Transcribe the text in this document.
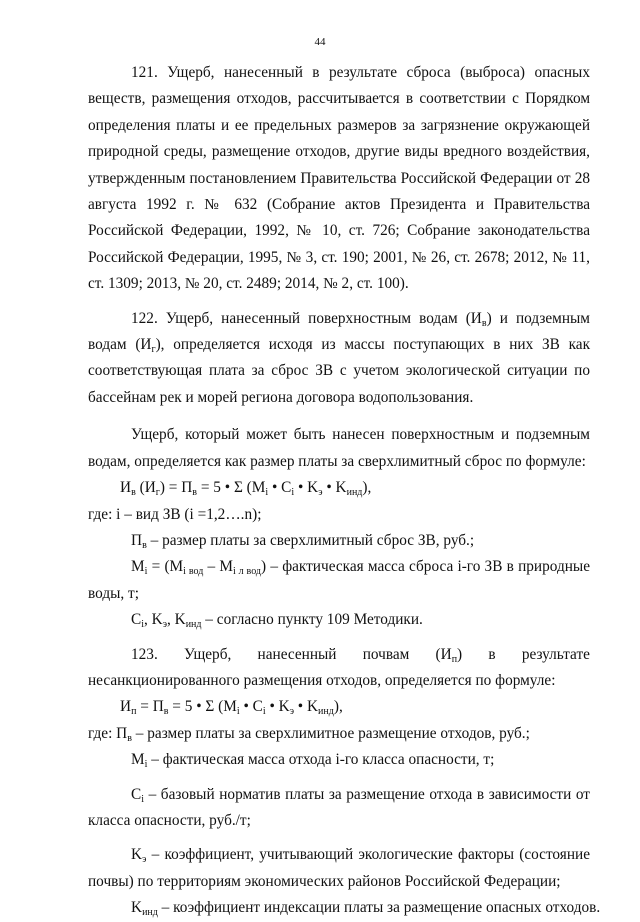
44

121. Ущерб, нанесенный в результате сброса (выброса) опасных веществ, размещения отходов, рассчитывается в соответствии с Порядком определения платы и ее предельных размеров за загрязнение окружающей природной среды, размещение отходов, другие виды вредного воздействия, утвержденным постановлением Правительства Российской Федерации от 28 августа 1992 г. № 632 (Собрание актов Президента и Правительства Российской Федерации, 1992, № 10, ст. 726; Собрание законодательства Российской Федерации, 1995, № 3, ст. 190; 2001, № 26, ст. 2678; 2012, № 11, ст. 1309; 2013, № 20, ст. 2489; 2014, № 2, ст. 100).

122. Ущерб, нанесенный поверхностным водам $(И_в)$ и подземным водам $(И_г)$, определяется исходя из массы поступающих в них ЗВ как соответствующая плата за сброс ЗВ с учетом экологической ситуации по бассейнам рек и морей региона договора водопользования.

Ущерб, который может быть нанесен поверхностным и подземным водам, определяется как размер платы за сверхлимитный сброс по формуле:

$И_в$ $(И_г) = П_в = 5$ • Σ ($M_i$ • $C_i$ • $K_э$ • $K_{инд}$),

где: i – вид ЗВ (i =1,2….n);

$П_в$ – размер платы за сверхлимитный сброс ЗВ, руб.;

$M_i = (M_{i вод} - M_{i л вод})$ – фактическая масса сброса i-го ЗВ в природные воды, т;

$C_i$, $K_э$, $K_{инд}$ – согласно пункту 109 Методики.

123. Ущерб, нанесенный почвам $(И_п)$ в результате

несанкционированного размещения отходов, определяется по формуле:

$И_п = П_в = 5$ • Σ ($M_i$ • $C_i$ • $K_э$ • $K_{инд}$),

где: $П_в$ – размер платы за сверхлимитное размещение отходов, руб.;

$M_i$ – фактическая масса отхода i-го класса опасности, т;

$C_i$ – базовый норматив платы за размещение отхода в зависимости от класса опасности, руб./т;

$K_э$ – коэффициент, учитывающий экологические факторы (состояние почвы) по территориям экономических районов Российской Федерации;

$K_{инд}$ – коэффициент индексации платы за размещение опасных отходов.
